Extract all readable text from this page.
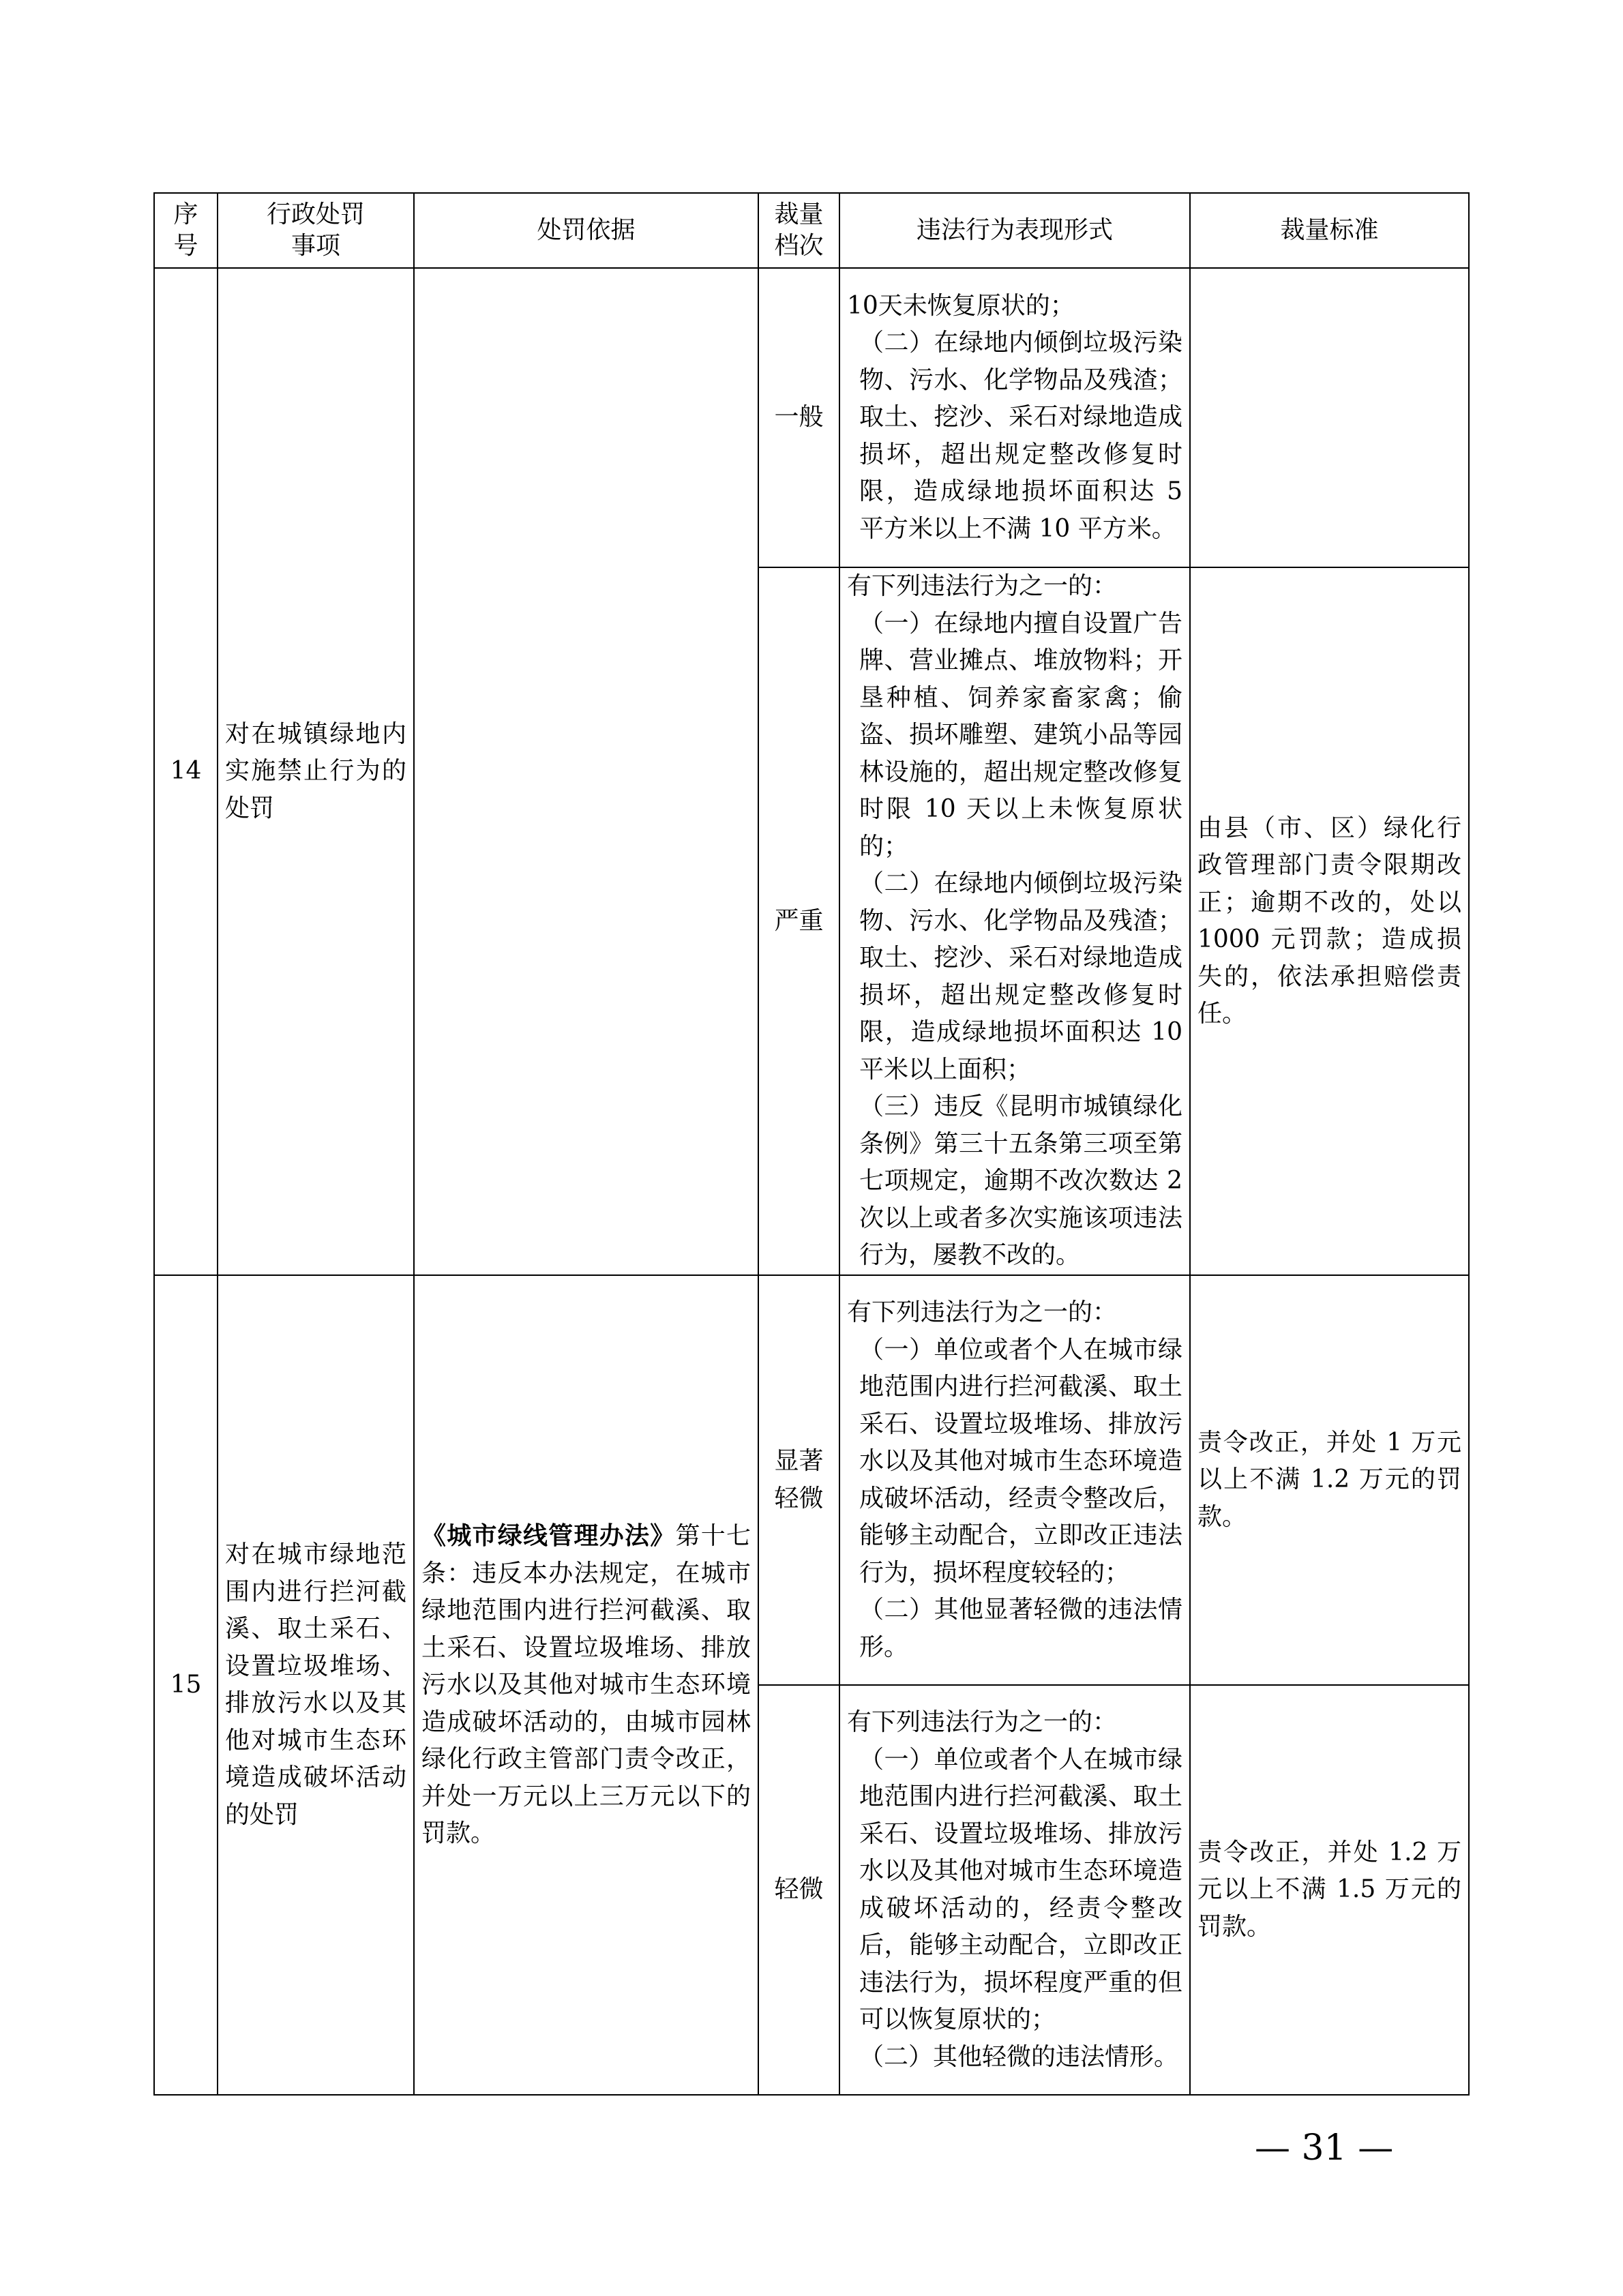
序号	行政处罚
事项	处罚依据	裁量
档次	违法行为表现形式	裁量标准

14	对在城镇绿地内实施禁止行为的处罚		一般	10天未恢复原状的；
（二）在绿地内倾倒垃圾污染物、污水、化学物品及残渣；取土、挖沙、采石对绿地造成损坏，超出规定整改修复时限，造成绿地损坏面积达 5 平方米以上不满 10 平方米。	

			严重	有下列违法行为之一的：
（一）在绿地内擅自设置广告牌、营业摊点、堆放物料；开垦种植、饲养家畜家禽；偷盗、损坏雕塑、建筑小品等园林设施的，超出规定整改修复时限 10 天以上未恢复原状的；
（二）在绿地内倾倒垃圾污染物、污水、化学物品及残渣；取土、挖沙、采石对绿地造成损坏，超出规定整改修复时限，造成绿地损坏面积达 10 平米以上面积；
（三）违反《昆明市城镇绿化条例》第三十五条第三项至第七项规定，逾期不改次数达 2 次以上或者多次实施该项违法行为，屡教不改的。	由县（市、区）绿化行政管理部门责令限期改正；逾期不改的，处以 1000 元罚款；造成损失的，依法承担赔偿责任。
15	对在城市绿地范围内进行拦河截溪、取土采石、设置垃圾堆场、排放污水以及其他对城市生态环境造成破坏活动的处罚	《城市绿线管理办法》第十七条：违反本办法规定，在城市绿地范围内进行拦河截溪、取土采石、设置垃圾堆场、排放污水以及其他对城市生态环境造成破坏活动的，由城市园林绿化行政主管部门责令改正，并处一万元以上三万元以下的罚款。	显著
轻微	有下列违法行为之一的：
（一）单位或者个人在城市绿地范围内进行拦河截溪、取土采石、设置垃圾堆场、排放污水以及其他对城市生态环境造成破坏活动，经责令整改后，能够主动配合，立即改正违法行为，损坏程度较轻的；
（二）其他显著轻微的违法情形。	责令改正，并处 1 万元以上不满 1.2 万元的罚款。
			轻微	有下列违法行为之一的：
（一）单位或者个人在城市绿地范围内进行拦河截溪、取土采石、设置垃圾堆场、排放污水以及其他对城市生态环境造成破坏活动的，经责令整改后，能够主动配合，立即改正违法行为，损坏程度严重的但可以恢复原状的；
（二）其他轻微的违法情形。	责令改正，并处 1.2 万元以上不满 1.5 万元的罚款。
— 31 —
